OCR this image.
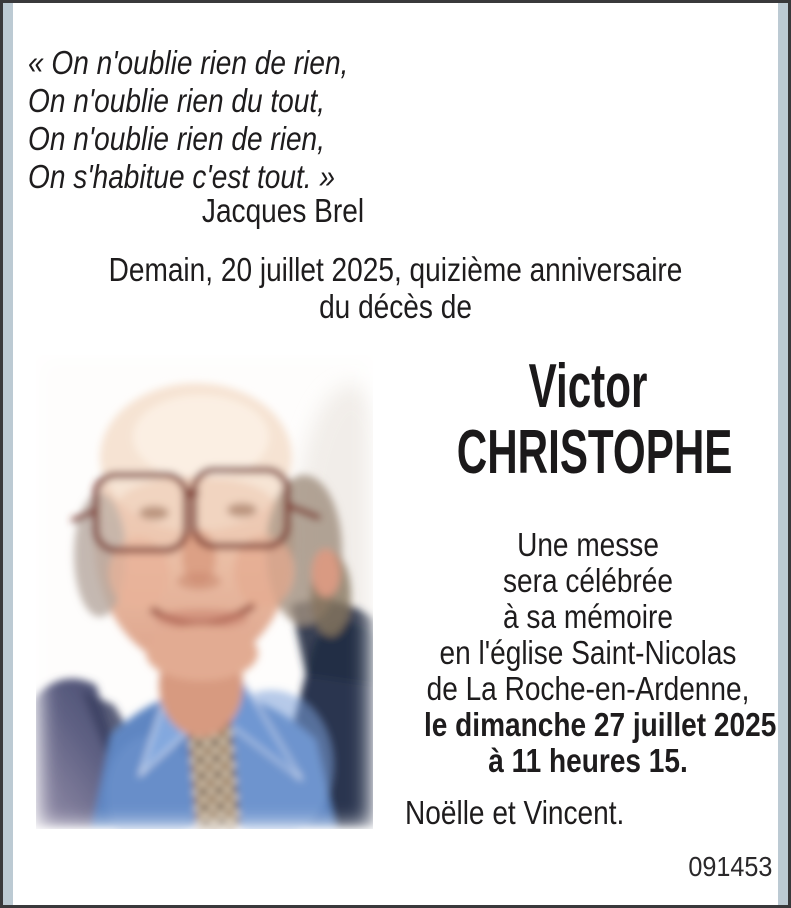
« On n'oublie rien de rien,
On n'oublie rien du tout,
On n'oublie rien de rien,
On s'habitue c'est tout. »
Jacques Brel
Demain, 20 juillet 2025, quizième anniversaire
du décès de
Victor
CHRISTOPHE
Une messe
sera célébrée
à sa mémoire
en l'église Saint-Nicolas
de La Roche-en-Ardenne,
le dimanche 27 juillet 2025
à 11 heures 15.
Noëlle et Vincent.
091453
